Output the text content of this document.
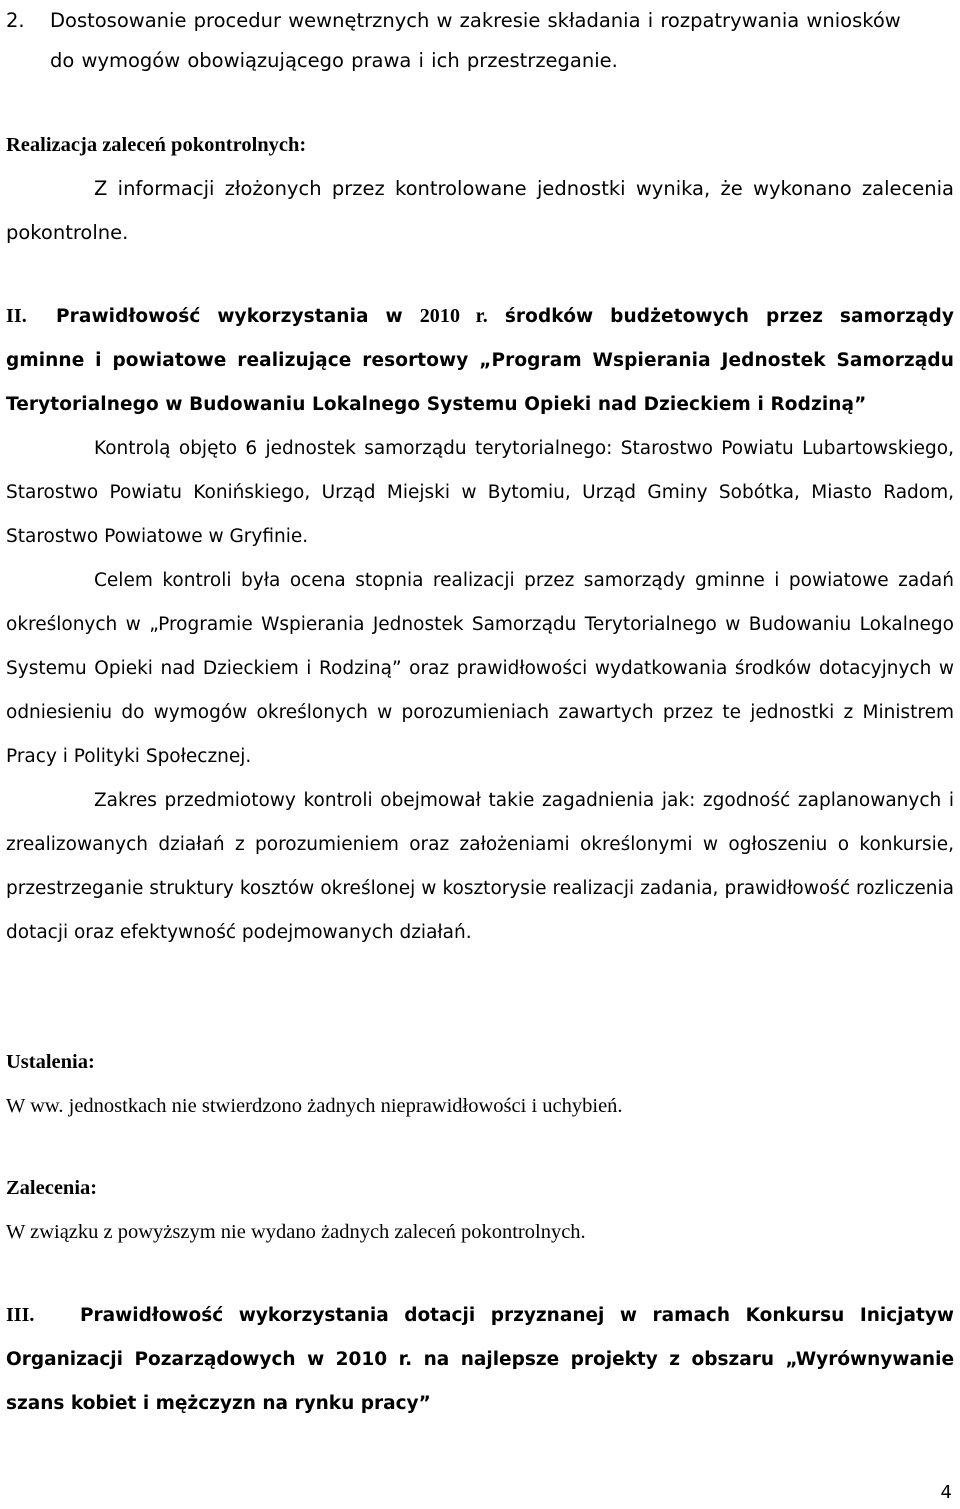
2. Dostosowanie procedur wewnętrznych w zakresie składania i rozpatrywania wniosków
do wymogów obowiązującego prawa i ich przestrzeganie.

Realizacja zaleceń pokontrolnych:

Z informacji złożonych przez kontrolowane jednostki wynika, że wykonano zalecenia pokontrolne.

II. Prawidłowość wykorzystania w 2010 r. środków budżetowych przez samorządy gminne i powiatowe realizujące resortowy „Program Wspierania Jednostek Samorządu Terytorialnego w Budowaniu Lokalnego Systemu Opieki nad Dzieckiem i Rodziną”

Kontrolą objęto 6 jednostek samorządu terytorialnego: Starostwo Powiatu Lubartowskiego, Starostwo Powiatu Konińskiego, Urząd Miejski w Bytomiu, Urząd Gminy Sobótka, Miasto Radom, Starostwo Powiatowe w Gryfinie.

Celem kontroli była ocena stopnia realizacji przez samorządy gminne i powiatowe zadań określonych w „Programie Wspierania Jednostek Samorządu Terytorialnego w Budowaniu Lokalnego Systemu Opieki nad Dzieckiem i Rodziną” oraz prawidłowości wydatkowania środków dotacyjnych w odniesieniu do wymogów określonych w porozumieniach zawartych przez te jednostki z Ministrem Pracy i Polityki Społecznej.

Zakres przedmiotowy kontroli obejmował takie zagadnienia jak: zgodność zaplanowanych i zrealizowanych działań z porozumieniem oraz założeniami określonymi w ogłoszeniu o konkursie, przestrzeganie struktury kosztów określonej w kosztorysie realizacji zadania, prawidłowość rozliczenia dotacji oraz efektywność podejmowanych działań.

Ustalenia:

W ww. jednostkach nie stwierdzono żadnych nieprawidłowości i uchybień.

Zalecenia:

W związku z powyższym nie wydano żadnych zaleceń pokontrolnych.

III. Prawidłowość wykorzystania dotacji przyznanej w ramach Konkursu Inicjatyw Organizacji Pozarządowych w 2010 r. na najlepsze projekty z obszaru „Wyrównywanie szans kobiet i mężczyzn na rynku pracy”
4
